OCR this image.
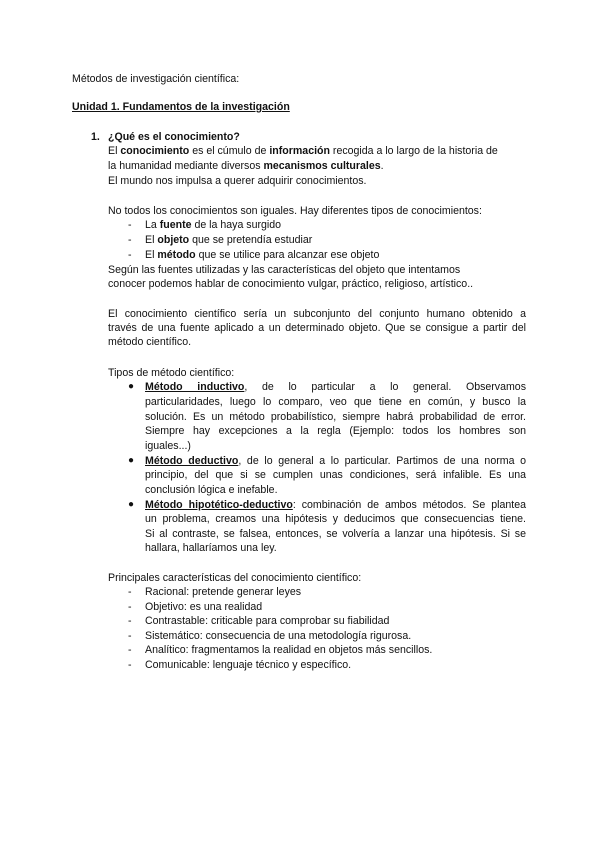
Métodos de investigación científica:
Unidad 1. Fundamentos de la investigación
1. ¿Qué es el conocimiento?
El conocimiento es el cúmulo de información recogida a lo largo de la historia de
la humanidad mediante diversos mecanismos culturales.
El mundo nos impulsa a querer adquirir conocimientos.
No todos los conocimientos son iguales. Hay diferentes tipos de conocimientos:
- La fuente de la haya surgido
- El objeto que se pretendía estudiar
- El método que se utilice para alcanzar ese objeto
Según las fuentes utilizadas y las características del objeto que intentamos
conocer podemos hablar de conocimiento vulgar, práctico, religioso, artístico..
El conocimiento científico sería un subconjunto del conjunto humano obtenido a
través de una fuente aplicado a un determinado objeto. Que se consigue a partir del
método científico.
Tipos de método científico:
● Método inductivo, de lo particular a lo general. Observamos
particularidades, luego lo comparo, veo que tiene en común, y busco la
solución. Es un método probabilístico, siempre habrá probabilidad de error.
Siempre hay excepciones a la regla (Ejemplo: todos los hombres son
iguales...)
● Método deductivo, de lo general a lo particular. Partimos de una norma o
principio, del que si se cumplen unas condiciones, será infalible. Es una
conclusión lógica e inefable.
● Método hipotético-deductivo: combinación de ambos métodos. Se plantea
un problema, creamos una hipótesis y deducimos que consecuencias tiene.
Si al contraste, se falsea, entonces, se volvería a lanzar una hipótesis. Si se
hallara, hallaríamos una ley.
Principales características del conocimiento científico:
- Racional: pretende generar leyes
- Objetivo: es una realidad
- Contrastable: criticable para comprobar su fiabilidad
- Sistemático: consecuencia de una metodología rigurosa.
- Analítico: fragmentamos la realidad en objetos más sencillos.
- Comunicable: lenguaje técnico y específico.
